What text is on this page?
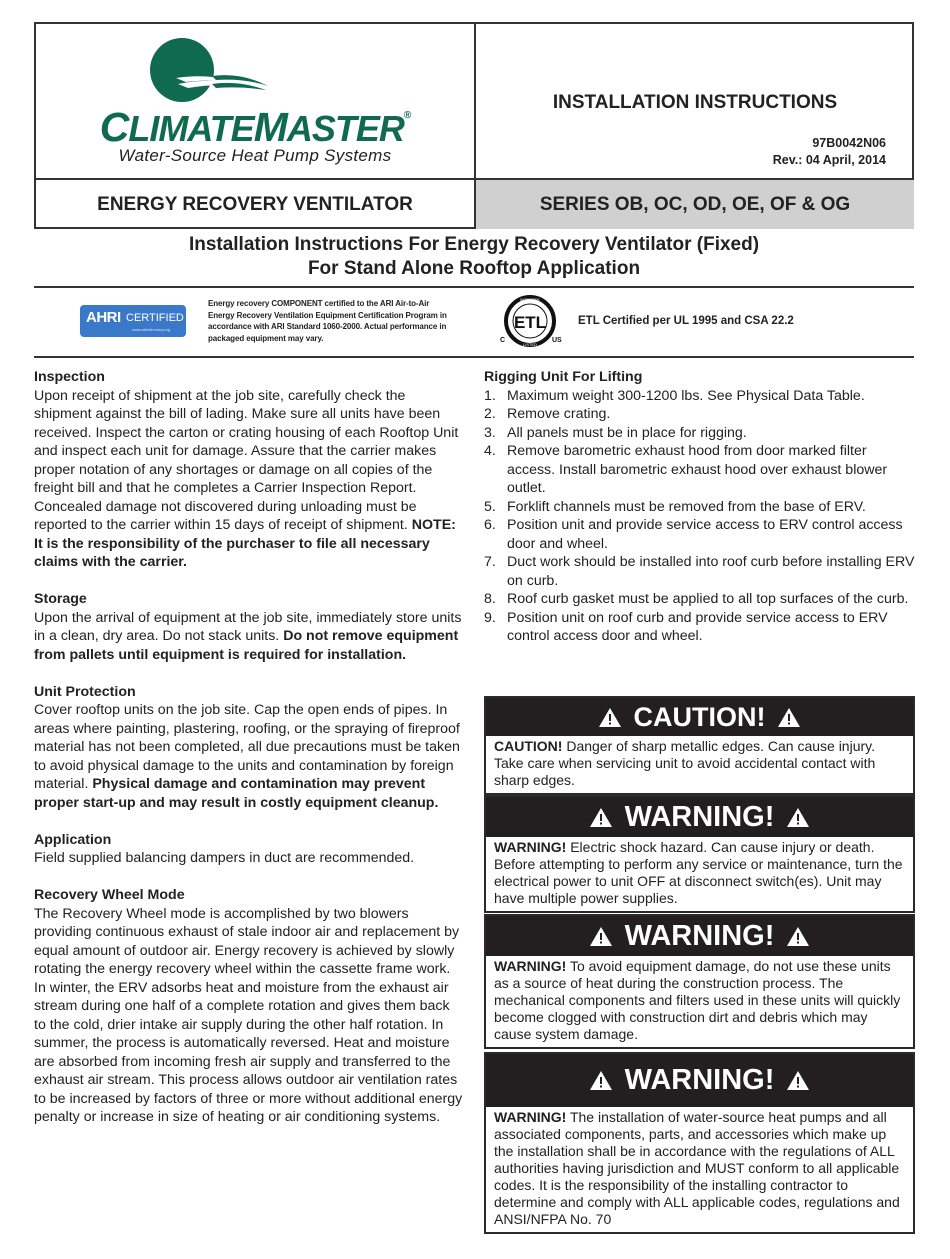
CLIMATEMASTER®
Water-Source Heat Pump Systems
INSTALLATION INSTRUCTIONS
97B0042N06
Rev.: 04 April, 2014
ENERGY RECOVERY VENTILATOR	SERIES OB, OC, OD, OE, OF & OG
Installation Instructions For Energy Recovery Ventilator (Fixed)
For Stand Alone Rooftop Application
AHRI CERTIFIED
www.ahridirectory.org
Energy recovery COMPONENT certified to the ARI Air-to-Air Energy Recovery Ventilation Equipment Certification Program in accordance with ARI Standard 1060-2000. Actual performance in packaged equipment may vary.
ETL
INTERTEK
LISTED
C	US
ETL Certified per UL 1995 and CSA 22.2
Inspection

Upon receipt of shipment at the job site, carefully check the shipment against the bill of lading. Make sure all units have been received. Inspect the carton or crating housing of each Rooftop Unit and inspect each unit for damage. Assure that the carrier makes proper notation of any shortages or damage on all copies of the freight bill and that he completes a Carrier Inspection Report. Concealed damage not discovered during unloading must be reported to the carrier within 15 days of receipt of shipment. NOTE: It is the responsibility of the purchaser to file all necessary claims with the carrier.

Storage

Upon the arrival of equipment at the job site, immediately store units in a clean, dry area. Do not stack units. Do not remove equipment from pallets until equipment is required for installation.

Unit Protection

Cover rooftop units on the job site. Cap the open ends of pipes. In areas where painting, plastering, roofing, or the spraying of fireproof material has not been completed, all due precautions must be taken to avoid physical damage to the units and contamination by foreign material. Physical damage and contamination may prevent proper start-up and may result in costly equipment cleanup.

Application

Field supplied balancing dampers in duct are recommended.

Recovery Wheel Mode

The Recovery Wheel mode is accomplished by two blowers providing continuous exhaust of stale indoor air and replacement by equal amount of outdoor air. Energy recovery is achieved by slowly rotating the energy recovery wheel within the cassette frame work. In winter, the ERV adsorbs heat and moisture from the exhaust air stream during one half of a complete rotation and gives them back to the cold, drier intake air supply during the other half rotation. In summer, the process is automatically reversed. Heat and moisture are absorbed from incoming fresh air supply and transferred to the exhaust air stream. This process allows outdoor air ventilation rates to be increased by factors of three or more without additional energy penalty or increase in size of heating or air conditioning systems.

Rigging Unit For Lifting
1. Maximum weight 300-1200 lbs. See Physical Data Table.
2. Remove crating.
3. All panels must be in place for rigging.
4. Remove barometric exhaust hood from door marked filter access. Install barometric exhaust hood over exhaust blower outlet.
5. Forklift channels must be removed from the base of ERV.
6. Position unit and provide service access to ERV control access door and wheel.
7. Duct work should be installed into roof curb before installing ERV on curb.
8. Roof curb gasket must be applied to all top surfaces of the curb.
9. Position unit on roof curb and provide service access to ERV control access door and wheel.
CAUTION!
CAUTION! Danger of sharp metallic edges. Can cause injury. Take care when servicing unit to avoid accidental contact with sharp edges.
WARNING!
WARNING! Electric shock hazard. Can cause injury or death. Before attempting to perform any service or maintenance, turn the electrical power to unit OFF at disconnect switch(es). Unit may have multiple power supplies.
WARNING!
WARNING! To avoid equipment damage, do not use these units as a source of heat during the construction process. The mechanical components and filters used in these units will quickly become clogged with construction dirt and debris which may cause system damage.
WARNING!
WARNING! The installation of water-source heat pumps and all associated components, parts, and accessories which make up the installation shall be in accordance with the regulations of ALL authorities having jurisdiction and MUST conform to all applicable codes. It is the responsibility of the installing contractor to determine and comply with ALL applicable codes, regulations and ANSI/NFPA No. 70
